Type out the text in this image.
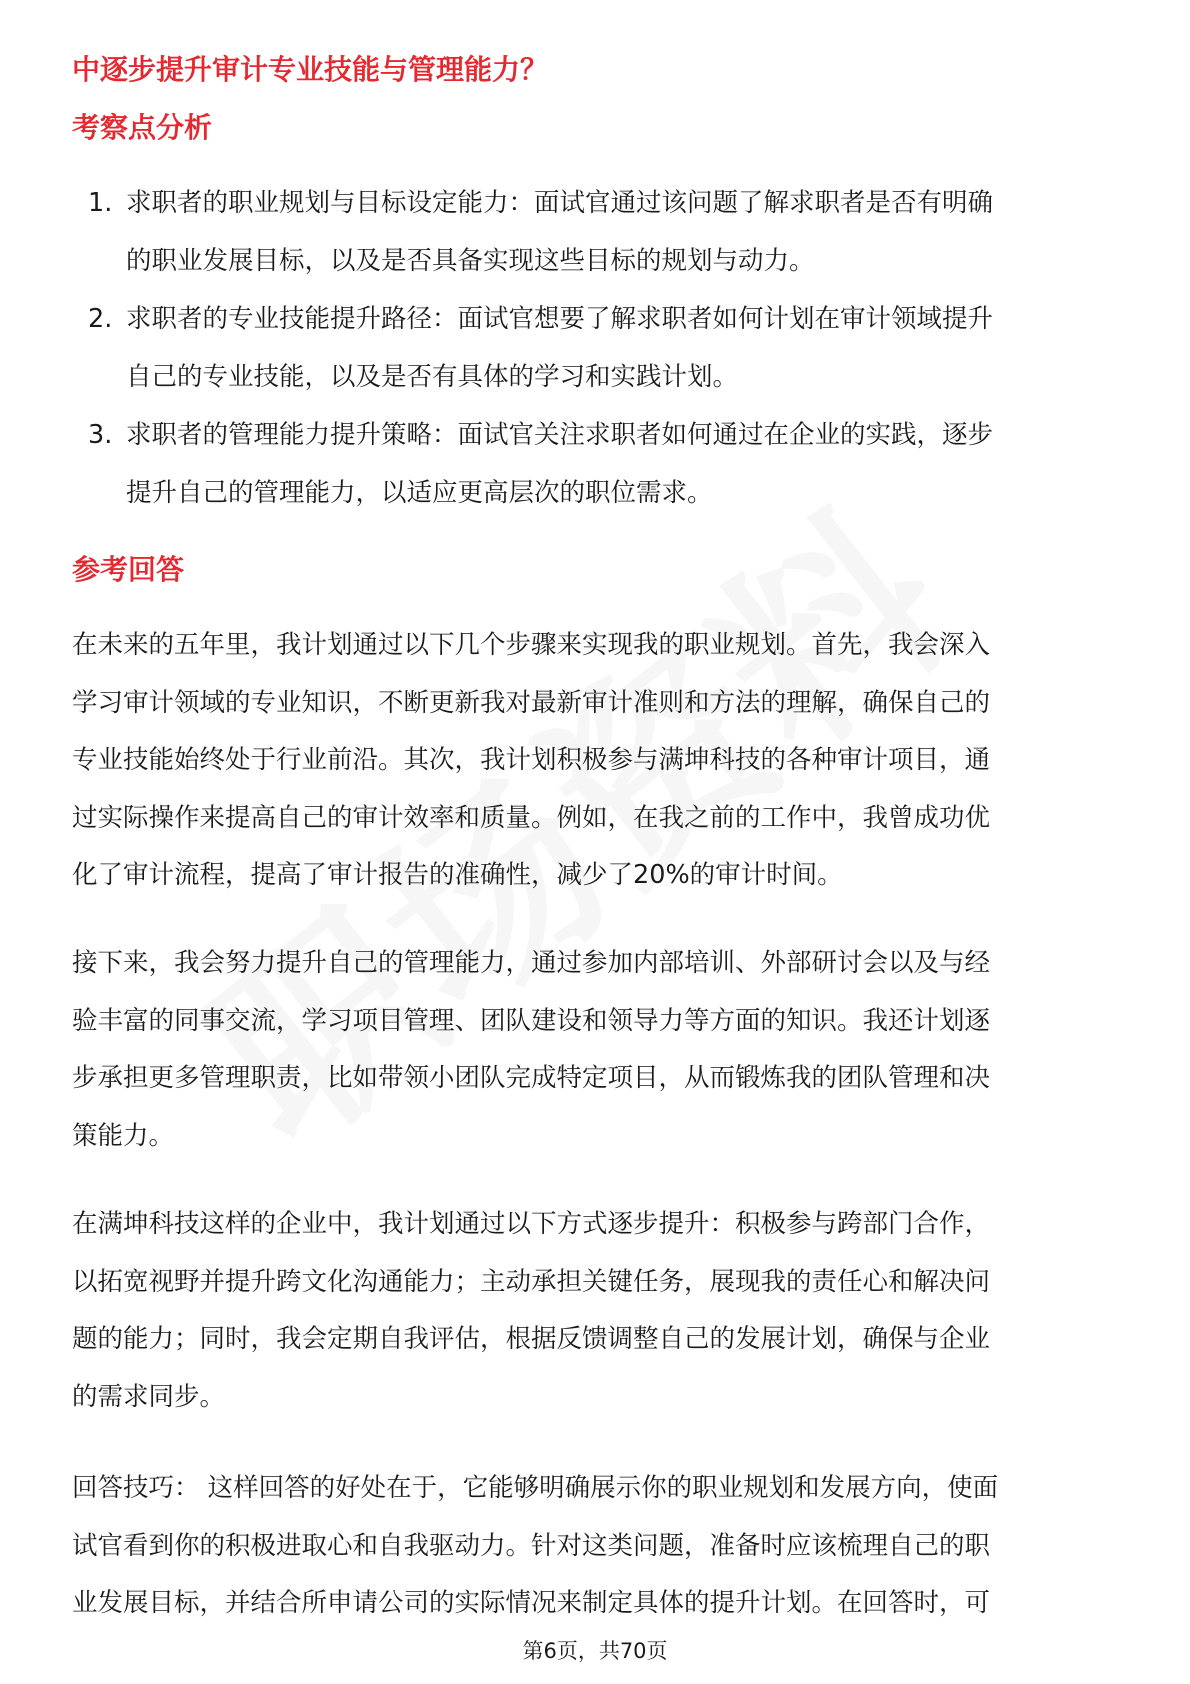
中逐步提升审计专业技能与管理能力？
考察点分析
1. 求职者的职业规划与目标设定能力：面试官通过该问题了解求职者是否有明确
的职业发展目标，以及是否具备实现这些目标的规划与动力。
2. 求职者的专业技能提升路径：面试官想要了解求职者如何计划在审计领域提升
自己的专业技能，以及是否有具体的学习和实践计划。
3. 求职者的管理能力提升策略：面试官关注求职者如何通过在企业的实践，逐步
提升自己的管理能力，以适应更高层次的职位需求。
参考回答

在未来的五年里，我计划通过以下几个步骤来实现我的职业规划。首先，我会深入
学习审计领域的专业知识，不断更新我对最新审计准则和方法的理解，确保自己的
专业技能始终处于行业前沿。其次，我计划积极参与满坤科技的各种审计项目，通
过实际操作来提高自己的审计效率和质量。例如，在我之前的工作中，我曾成功优
化了审计流程，提高了审计报告的准确性，减少了20%的审计时间。

接下来，我会努力提升自己的管理能力，通过参加内部培训、外部研讨会以及与经
验丰富的同事交流，学习项目管理、团队建设和领导力等方面的知识。我还计划逐
步承担更多管理职责，比如带领小团队完成特定项目，从而锻炼我的团队管理和决
策能力。

在满坤科技这样的企业中，我计划通过以下方式逐步提升：积极参与跨部门合作，
以拓宽视野并提升跨文化沟通能力；主动承担关键任务，展现我的责任心和解决问
题的能力；同时，我会定期自我评估，根据反馈调整自己的发展计划，确保与企业
的需求同步。

回答技巧： 这样回答的好处在于，它能够明确展示你的职业规划和发展方向，使面
试官看到你的积极进取心和自我驱动力。针对这类问题，准备时应该梳理自己的职
业发展目标，并结合所申请公司的实际情况来制定具体的提升计划。在回答时，可

第6页，共70页
